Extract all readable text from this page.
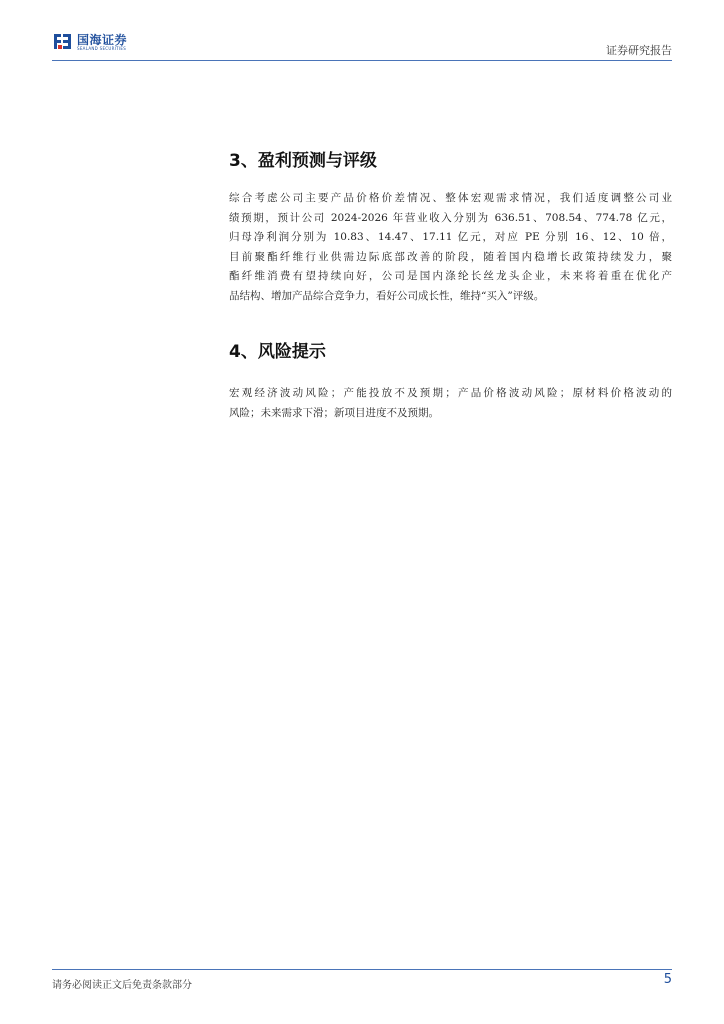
国海证券
SEALAND SECURITIES	证券研究报告
3、盈利预测与评级
综合考虑公司主要产品价格价差情况、整体宏观需求情况，我们适度调整公司业
绩预期，预计公司 2024-2026 年营业收入分别为 636.51、708.54、774.78 亿元，
归母净利润分别为 10.83、14.47、17.11 亿元，对应 PE 分别 16、12、10 倍，
目前聚酯纤维行业供需边际底部改善的阶段，随着国内稳增长政策持续发力，聚
酯纤维消费有望持续向好，公司是国内涤纶长丝龙头企业，未来将着重在优化产
品结构、增加产品综合竞争力，看好公司成长性，维持“买入”评级。
4、风险提示
宏观经济波动风险；产能投放不及预期；产品价格波动风险；原材料价格波动的
风险；未来需求下滑；新项目进度不及预期。
请务必阅读正文后免责条款部分	5
